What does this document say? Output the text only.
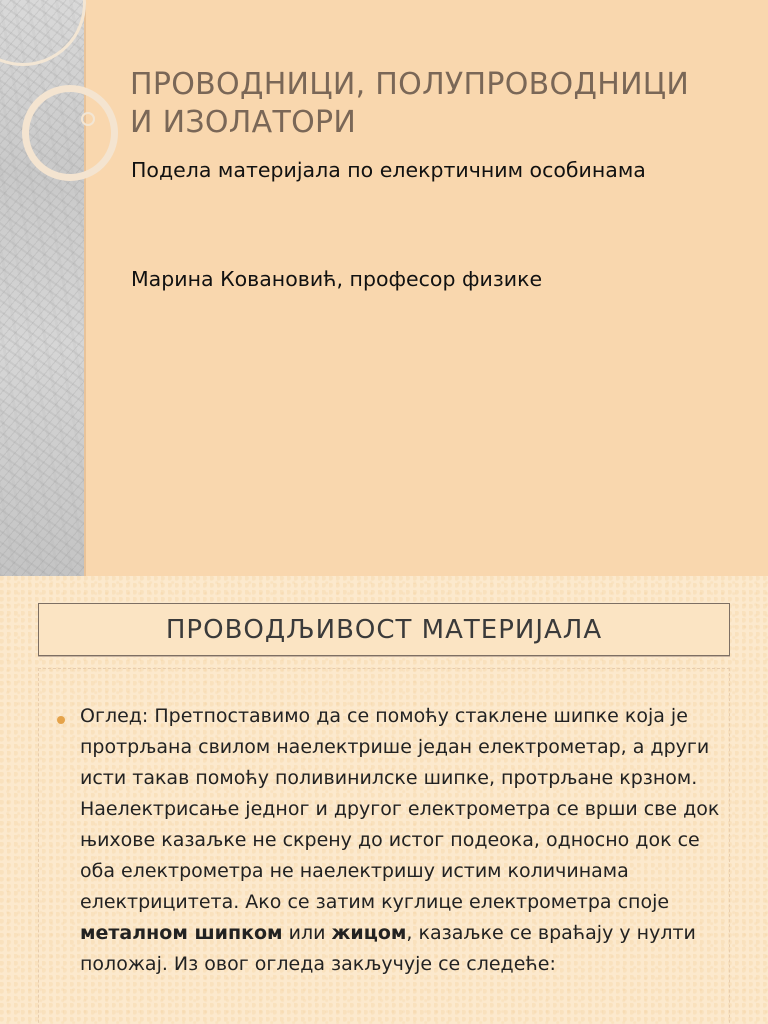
ПРОВОДНИЦИ, ПОЛУПРОВОДНИЦИ
И ИЗОЛАТОРИ

Подела материјала по елекртичним особинама

Марина Ковановић, професор физике

ПРОВОДЉИВОСТ МАТЕРИЈАЛА

Оглед: Претпоставимо да се помоћу стаклене шипке која је протрљана свилом наелектрише један електрометар, а други исти такав помоћу поливинилске шипке, протрљане крзном. Наелектрисање једног и другог електрометра се врши све док њихове казаљке не скрену до истог подеока, односно док се оба електрометра не наелектришу истим количинама електрицитета. Ако се затим куглице електрометра споје металном шипком или жицом, казаљке се враћају у нулти положај. Из овог огледа закључује се следеће:
